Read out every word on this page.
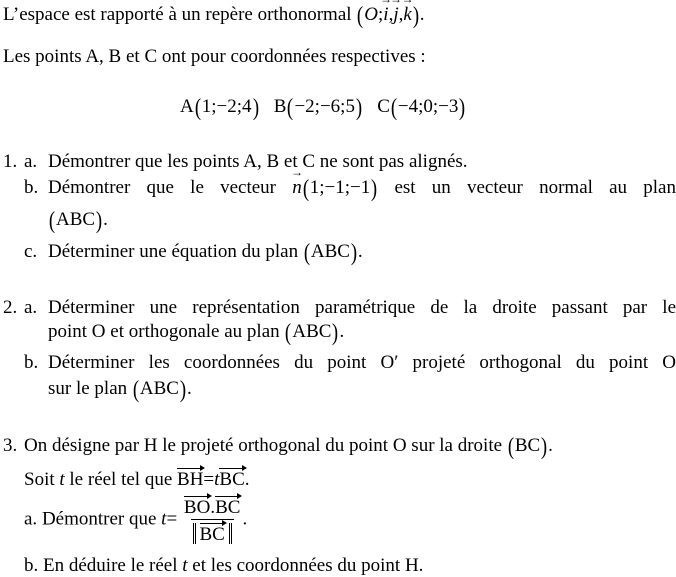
L’espace est rapporté à un repère orthonormal (O;→ i,→ j,→ k).
Les points A, B et C ont pour coordonnées respectives :
A(1;−2;4) B(−2;−6;5) C(−4;0;−3)
1. a. Démontrer que les points A, B et C ne sont pas alignés.
b. Démontrer que le vecteur → n(1;−1;−1) est un vecteur normal au plan
(ABC).
c. Déterminer une équation du plan (ABC).
2. a. Déterminer une représentation paramétrique de la droite passant par le
point O et orthogonale au plan (ABC).
b. Déterminer les coordonnées du point O′ projeté orthogonal du point O
sur le plan (ABC).
3. On désigne par H le projeté orthogonal du point O sur la droite (BC).
Soit t le réel tel que BH=tBC.
a. Démontrer que $t= \frac{BO.BC}{BC}$ .
b. En déduire le réel t et les coordonnées du point H.
